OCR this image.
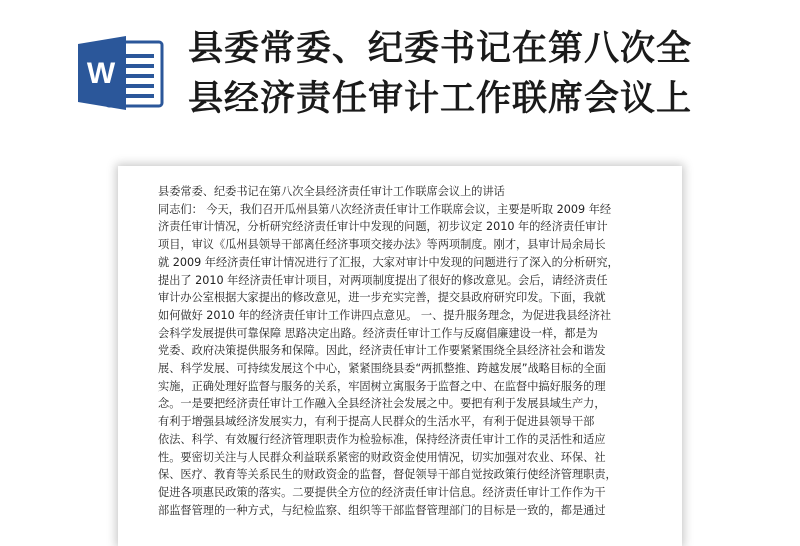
W
县委常委、纪委书记在第八次全
县经济责任审计工作联席会议上
县委常委、纪委书记在第八次全县经济责任审计工作联席会议上的讲话
同志们： 今天，我们召开瓜州县第八次经济责任审计工作联席会议，主要是听取 2009 年经
济责任审计情况，分析研究经济责任审计中发现的问题，初步议定 2010 年的经济责任审计
项目，审议《瓜州县领导干部离任经济事项交接办法》等两项制度。刚才，县审计局余局长
就 2009 年经济责任审计情况进行了汇报，大家对审计中发现的问题进行了深入的分析研究，
提出了 2010 年经济责任审计项目，对两项制度提出了很好的修改意见。会后，请经济责任
审计办公室根据大家提出的修改意见，进一步充实完善，提交县政府研究印发。下面，我就
如何做好 2010 年的经济责任审计工作讲四点意见。 一、提升服务理念，为促进我县经济社
会科学发展提供可靠保障 思路决定出路。经济责任审计工作与反腐倡廉建设一样，都是为
党委、政府决策提供服务和保障。因此，经济责任审计工作要紧紧围绕全县经济社会和谐发
展、科学发展、可持续发展这个中心，紧紧围绕县委“两抓整推、跨越发展”战略目标的全面
实施，正确处理好监督与服务的关系，牢固树立寓服务于监督之中、在监督中搞好服务的理
念。一是要把经济责任审计工作融入全县经济社会发展之中。要把有利于发展县域生产力，
有利于增强县域经济发展实力，有利于提高人民群众的生活水平，有利于促进县领导干部
依法、科学、有效履行经济管理职责作为检验标准，保持经济责任审计工作的灵活性和适应
性。要密切关注与人民群众利益联系紧密的财政资金使用情况，切实加强对农业、环保、社
保、医疗、教育等关系民生的财政资金的监督，督促领导干部自觉按政策行使经济管理职责，
促进各项惠民政策的落实。二要提供全方位的经济责任审计信息。经济责任审计工作作为干
部监督管理的一种方式，与纪检监察、组织等干部监督管理部门的目标是一致的，都是通过
